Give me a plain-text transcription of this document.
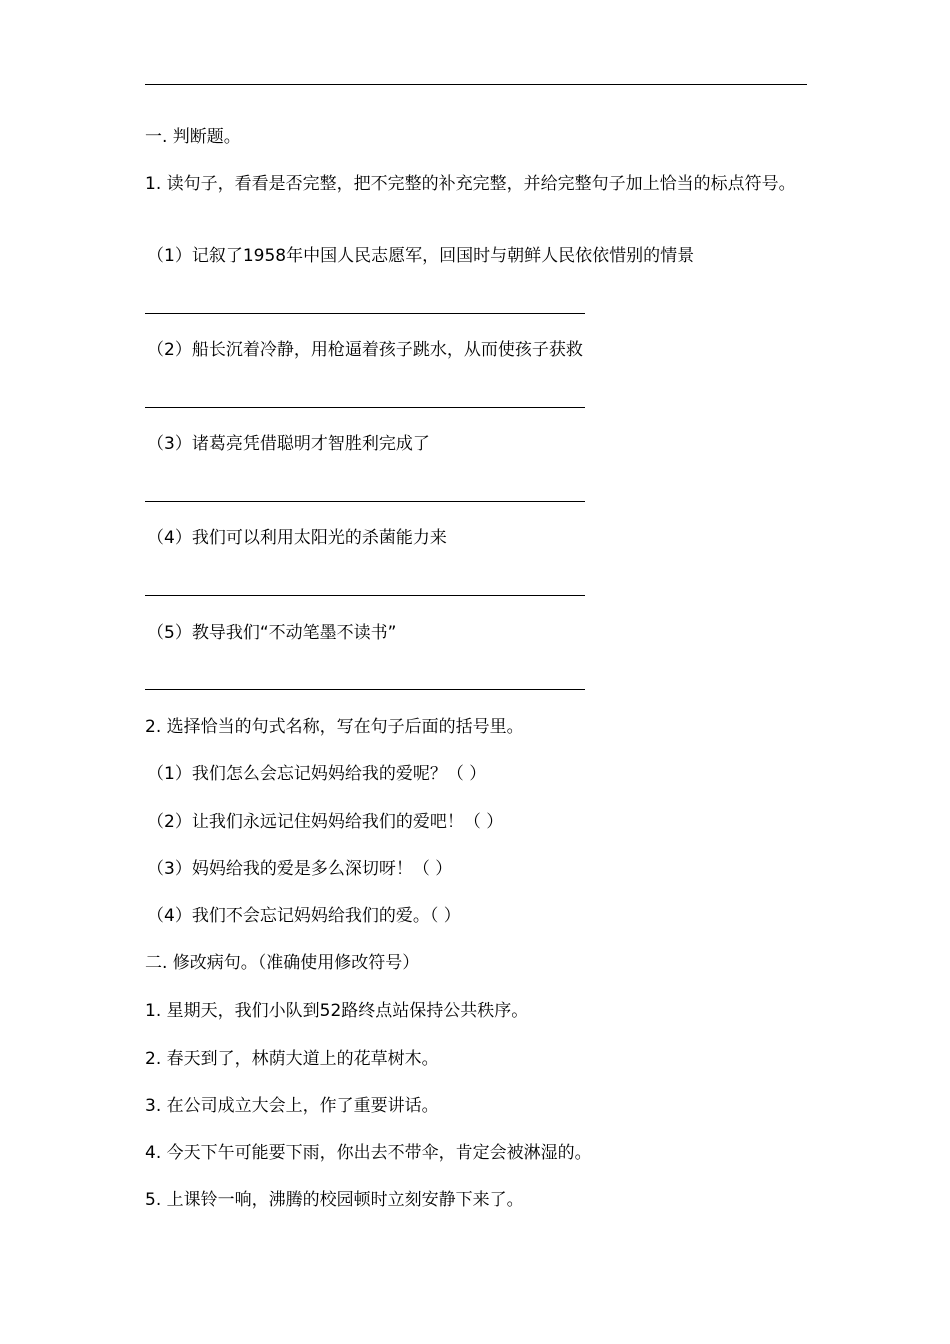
一. 判断题。
1. 读句子，看看是否完整，把不完整的补充完整，并给完整句子加上恰当的标点符号。
（1）记叙了1958年中国人民志愿军，回国时与朝鲜人民依依惜别的情景
（2）船长沉着冷静，用枪逼着孩子跳水，从而使孩子获救
（3）诸葛亮凭借聪明才智胜利完成了
（4）我们可以利用太阳光的杀菌能力来
（5）教导我们“不动笔墨不读书”
2. 选择恰当的句式名称，写在句子后面的括号里。
（1）我们怎么会忘记妈妈给我的爱呢？（ ）
（2）让我们永远记住妈妈给我们的爱吧！（ ）
（3）妈妈给我的爱是多么深切呀！（ ）
（4）我们不会忘记妈妈给我们的爱。（ ）
二. 修改病句。（准确使用修改符号）
1. 星期天，我们小队到52路终点站保持公共秩序。
2. 春天到了，林荫大道上的花草树木。
3. 在公司成立大会上，作了重要讲话。
4. 今天下午可能要下雨，你出去不带伞，肯定会被淋湿的。
5. 上课铃一响，沸腾的校园顿时立刻安静下来了。
